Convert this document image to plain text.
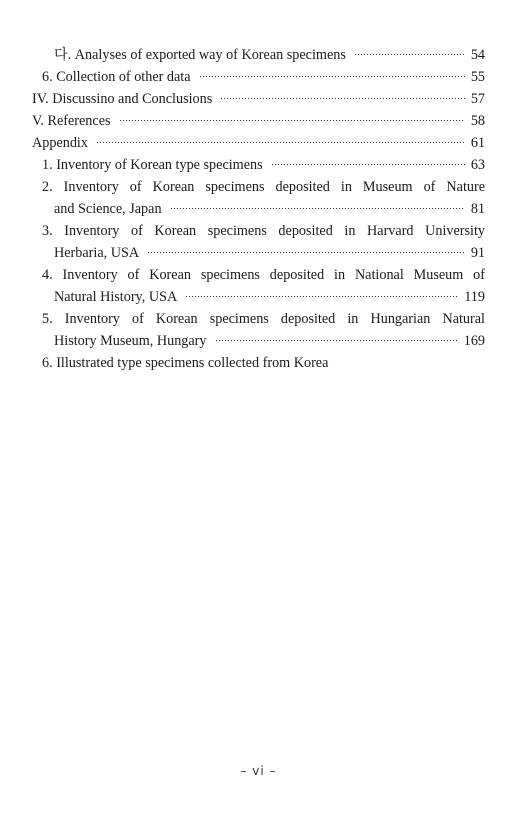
다. Analyses of exported way of Korean specimens	54
6. Collection of other data	55
IV. Discussino and Conclusions	57
V. References	58
Appendix	61
1. Inventory of Korean type specimens	63
2. Inventory of Korean specimens deposited in Museum of Nature
and Science, Japan	81
3. Inventory of Korean specimens deposited in Harvard University
Herbaria, USA	91
4. Inventory of Korean specimens deposited in National Museum of
Natural History, USA	119
5. Inventory of Korean specimens deposited in Hungarian Natural
History Museum, Hungary	169
6. Illustrated type specimens collected from Korea
– vi –
